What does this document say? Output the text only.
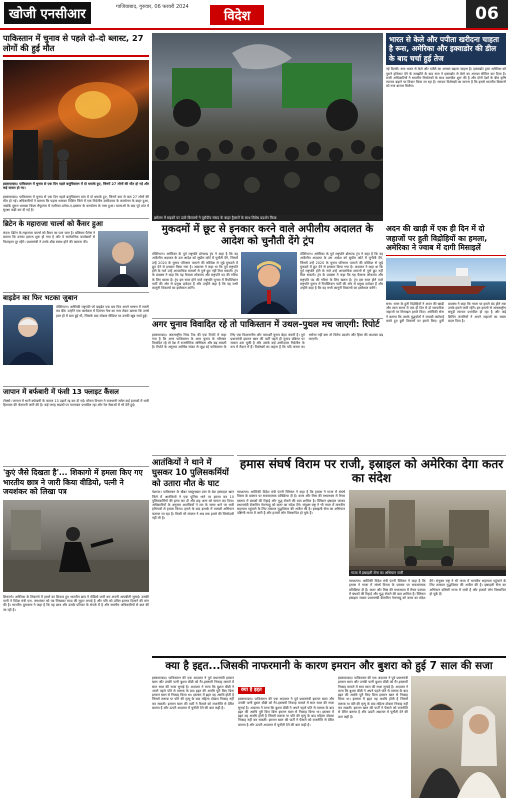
खोजी एनसीआर	गाजियाबाद, गुरुवार, 06 फरवरी 2024
विदेश	06
पाकिस्तान में चुनाव से पहले दो–दो ब्लास्ट, 27 लोगों की हुई मौत
इस्लामाबाद। पाकिस्तान में चुनाव से एक दिन पहले बलूचिस्तान में दो धमाके हुए, जिनमें 27 लोगों की मौत हो गई और कई घायल हो गए।
इस्लामाबाद। पाकिस्तान में चुनाव से एक दिन पहले बलूचिस्तान प्रांत में दो धमाके हुए, जिनमें कम से कम 27 लोगों की मौत हो गई। अधिकारियों ने बताया कि पहला धमाका पिशिन जिले में एक निर्दलीय उम्मीदवार के कार्यालय के बाहर हुआ, जबकि दूसरा धमाका किला सैफुल्ला में जमीयत उलेमा-ए-इस्लाम के कार्यालय के पास हुआ। घटनाओं के बाद पूरे प्रांत में सुरक्षा कड़ी कर दी गई है।
ब्रिटेन के महाराजा चार्ल्स को कैंसर हुआ
लंदन। ब्रिटेन के महाराजा चार्ल्स को कैंसर का पता चला है। बकिंघम पैलेस ने बताया कि उनका इलाज शुरू हो गया है और वे सार्वजनिक कार्यक्रमों से फिलहाल दूर रहेंगे। प्रधानमंत्री ने उनके शीघ्र स्वस्थ होने की कामना की।
बाइडेन का फिर भटका जुबान
वॉशिंगटन। अमेरिकी राष्ट्रपति जो बाइडेन एक बार फिर अपने भाषण में गलती कर बैठे। उन्होंने एक कार्यक्रम में दिवंगत नेता का नाम लेकर बताया कि उनसे हाल ही में बात हुई थी, जिसके बाद सोशल मीडिया पर उनकी खूब चर्चा हुई।
जापान में बर्फबारी में फंसी 13 फ्लाइट कैंसल
टोक्यो। जापान में भारी बर्फबारी के कारण 13 उड़ानें रद्द कर दी गईं। मौसम विभाग ने राजधानी समेत कई इलाकों में भारी हिमपात की चेतावनी जारी की है। कई जगह सड़कों पर यातायात प्रभावित रहा और रेल सेवाओं में भी देरी हुई।
'कुएं जैसे दिखता है'... शिकागो में हमला किए गए भारतीय छात्र ने जारी किया वीडियो, पत्नी ने जयशंकर को लिखा पत्र
शिकागो। अमेरिका के शिकागो में हमले का शिकार हुए भारतीय छात्र ने वीडियो जारी कर अपनी आपबीती सुनाई। उसकी पत्नी ने विदेश मंत्री एस. जयशंकर को पत्र लिखकर मदद की गुहार लगाई है और पति को उचित इलाज दिलाने की मांग की है। भारतीय दूतावास ने कहा है कि वह छात्र और उसके परिवार के संपर्क में है और स्थानीय अधिकारियों से बात की जा रही है।
ब्रसेल्स में सड़कों पर उतरे किसानों ने यूरोपीय संसद के बाहर ट्रैक्टरों के साथ विरोध प्रदर्शन किया
भारत से केले और पपीता खरीदना चाहता है रूस, अमेरिका और इक्वाडोर की डील के बाद चर्चा हुई तेज
नई दिल्ली। रूस भारत से केले और पपीते का आयात बढ़ाना चाहता है। इक्वाडोर द्वारा अमेरिका को पुराने हथियार देने के समझौते के बाद रूस ने इक्वाडोर से केले का आयात सीमित कर दिया है। रूसी अधिकारियों ने भारतीय निर्यातकों के साथ बातचीत शुरू की है और दोनों देशों के बीच कृषि व्यापार बढ़ाने पर विचार किया जा रहा है। व्यापार विशेषज्ञों का मानना है कि इससे भारतीय किसानों को नया बाजार मिलेगा।
मुकदमों में छूट से इनकार करने वाले अपीलीय अदालत के आदेश को चुनौती देंगे ट्रंप
वॉशिंगटन। अमेरिका के पूर्व राष्ट्रपति डोनाल्ड ट्रंप ने कहा है कि वह अपीलीय अदालत के उस आदेश को सुप्रीम कोर्ट में चुनौती देंगे, जिसमें उन्हें 2020 के चुनाव परिणाम पलटने की कोशिश से जुड़े मुकदमे में छूट देने से इनकार किया गया है। अदालत ने कहा था कि पूर्व राष्ट्रपति होने के नाते उन्हें आपराधिक मामलों से पूर्ण छूट नहीं मिल सकती। ट्रंप के प्रवक्ता ने कहा कि यह फैसला लोकतंत्र और राष्ट्रपति पद की गरिमा के लिए खतरा है। ट्रंप इस साल होने वाले राष्ट्रपति चुनाव में रिपब्लिकन पार्टी की ओर से प्रमुख दावेदार हैं और उन्होंने कहा है कि वह सभी कानूनी विकल्पों का इस्तेमाल करेंगे।
वॉशिंगटन। अमेरिका के पूर्व राष्ट्रपति डोनाल्ड ट्रंप ने कहा है कि वह अपीलीय अदालत के उस आदेश को सुप्रीम कोर्ट में चुनौती देंगे, जिसमें उन्हें 2020 के चुनाव परिणाम पलटने की कोशिश से जुड़े मुकदमे में छूट देने से इनकार किया गया है। अदालत ने कहा था कि पूर्व राष्ट्रपति होने के नाते उन्हें आपराधिक मामलों से पूर्ण छूट नहीं मिल सकती। ट्रंप के प्रवक्ता ने कहा कि यह फैसला लोकतंत्र और राष्ट्रपति पद की गरिमा के लिए खतरा है। ट्रंप इस साल होने वाले राष्ट्रपति चुनाव में रिपब्लिकन पार्टी की ओर से प्रमुख दावेदार हैं और उन्होंने कहा है कि वह सभी कानूनी विकल्पों का इस्तेमाल करेंगे।
अदन की खाड़ी में एक ही दिन में दो जहाजों पर हुती विद्रोहियों का हमला, अमेरिका ने ज्वाब में दागी मिसाइलें
सना। यमन के हूती विद्रोहियों ने अदन की खाड़ी और लाल सागर में एक ही दिन में दो व्यापारिक जहाजों पर मिसाइल हमले किए। अमेरिकी सेना ने बताया कि उसके युद्धपोतों ने जवाबी कार्रवाई करते हुए हूती ठिकानों पर हमले किए। हूती प्रवक्ता ने कहा कि गाजा पर हमले बंद होने तक उनके हमले जारी रहेंगे। इन हमलों से अंतरराष्ट्रीय समुद्री व्यापार प्रभावित हो रहा है और कई शिपिंग कंपनियों ने अपने जहाजों का रास्ता बदल दिया है।
अगर चुनाव विवादित रहे तो पाकिस्तान में उथल–पुथल मच जाएगी: रिपोर्ट
इस्लामाबाद। अंतरराष्ट्रीय थिंक टैंक की एक रिपोर्ट में कहा गया है कि अगर पाकिस्तान के आम चुनाव के परिणाम विवादित रहे तो देश में राजनीतिक अस्थिरता और बढ़ सकती है। रिपोर्ट के अनुसार आर्थिक संकट से जूझ रहे पाकिस्तान के लिए एक विश्वसनीय और पारदर्शी चुनाव बेहद जरूरी है। पूर्व प्रधानमंत्री इमरान खान की पार्टी पहले ही चुनाव प्रक्रिया पर सवाल उठा चुकी है और उसके कई उम्मीदवार निर्दलीय के रूप में मैदान में हैं। विशेषज्ञों का कहना है कि यदि जनता का भरोसा नहीं बना तो विरोध प्रदर्शन और हिंसा की आशंका बढ़ जाएगी।
आतंकियों ने थाने में घुसकर 10 पुलिसकर्मियों को उतारा मौत के घाट
पेशावर। पाकिस्तान के खैबर पख्तूनख्वा प्रांत के डेरा इस्माइल खान जिले में आतंकियों ने एक पुलिस थाने पर हमला कर 10 पुलिसकर्मियों की हत्या कर दी और छह अन्य को घायल कर दिया। अधिकारियों के अनुसार आतंकियों ने रात के समय थाने पर भारी हथियारों से हमला किया। हमले के बाद इलाके में तलाशी अभियान चलाया जा रहा है। किसी भी संगठन ने अब तक हमले की जिम्मेदारी नहीं ली है।
हमास संघर्ष विराम पर राजी, इस्राइल को अमेरिका देगा कतर का संदेश
यरुशलम। अमेरिकी विदेश मंत्री एंटनी ब्लिंकन ने कहा है कि हमास ने गाजा में संघर्ष विराम के प्रस्ताव पर सकारात्मक प्रतिक्रिया दी है। कतर और मिस्र की मध्यस्थता में तैयार प्रस्ताव में बंधकों की रिहाई और युद्ध रोकने की बात शामिल है। ब्लिंकन इस्राइल जाकर प्रधानमंत्री बेंजामिन नेतन्याहू को कतर का संदेश देंगे। संयुक्त राष्ट्र ने भी गाजा में मानवीय सहायता पहुंचाने के लिए तत्काल युद्धविराम की अपील की है। इस्राइली सेना का अभियान दक्षिणी गाजा में जारी है और हजारों लोग विस्थापित हो चुके हैं।
गाजा में इस्राइली सेना का अभियान जारी
यरुशलम। अमेरिकी विदेश मंत्री एंटनी ब्लिंकन ने कहा है कि हमास ने गाजा में संघर्ष विराम के प्रस्ताव पर सकारात्मक प्रतिक्रिया दी है। कतर और मिस्र की मध्यस्थता में तैयार प्रस्ताव में बंधकों की रिहाई और युद्ध रोकने की बात शामिल है। ब्लिंकन इस्राइल जाकर प्रधानमंत्री बेंजामिन नेतन्याहू को कतर का संदेश देंगे। संयुक्त राष्ट्र ने भी गाजा में मानवीय सहायता पहुंचाने के लिए तत्काल युद्धविराम की अपील की है। इस्राइली सेना का अभियान दक्षिणी गाजा में जारी है और हजारों लोग विस्थापित हो चुके हैं।
क्या है इद्दत...जिसकी नाफरमानी के कारण इमरान और बुशरा को हुई 7 साल की सजा
इस्लामाबाद। पाकिस्तान की एक अदालत ने पूर्व प्रधानमंत्री इमरान खान और उनकी पत्नी बुशरा बीबी को गैर-इस्लामी निकाह मामले में सात साल की सजा सुनाई है। अदालत ने माना कि बुशरा बीबी ने अपने पहले पति से तलाक के बाद इद्दत की अवधि पूरी किए बिना इमरान खान से निकाह किया था। इस्लाम में इद्दत वह अवधि होती है जिसमें तलाक या पति की मृत्यु के बाद महिला दोबारा निकाह नहीं कर सकती। इमरान खान की पार्टी ने फैसले को राजनीति से प्रेरित बताया है और ऊपरी अदालत में चुनौती देने की बात कही है।
क्या है इद्दत
इस्लामाबाद। पाकिस्तान की एक अदालत ने पूर्व प्रधानमंत्री इमरान खान और उनकी पत्नी बुशरा बीबी को गैर-इस्लामी निकाह मामले में सात साल की सजा सुनाई है। अदालत ने माना कि बुशरा बीबी ने अपने पहले पति से तलाक के बाद इद्दत की अवधि पूरी किए बिना इमरान खान से निकाह किया था। इस्लाम में इद्दत वह अवधि होती है जिसमें तलाक या पति की मृत्यु के बाद महिला दोबारा निकाह नहीं कर सकती। इमरान खान की पार्टी ने फैसले को राजनीति से प्रेरित बताया है और ऊपरी अदालत में चुनौती देने की बात कही है।
इस्लामाबाद। पाकिस्तान की एक अदालत ने पूर्व प्रधानमंत्री इमरान खान और उनकी पत्नी बुशरा बीबी को गैर-इस्लामी निकाह मामले में सात साल की सजा सुनाई है। अदालत ने माना कि बुशरा बीबी ने अपने पहले पति से तलाक के बाद इद्दत की अवधि पूरी किए बिना इमरान खान से निकाह किया था। इस्लाम में इद्दत वह अवधि होती है जिसमें तलाक या पति की मृत्यु के बाद महिला दोबारा निकाह नहीं कर सकती। इमरान खान की पार्टी ने फैसले को राजनीति से प्रेरित बताया है और ऊपरी अदालत में चुनौती देने की बात कही है।
